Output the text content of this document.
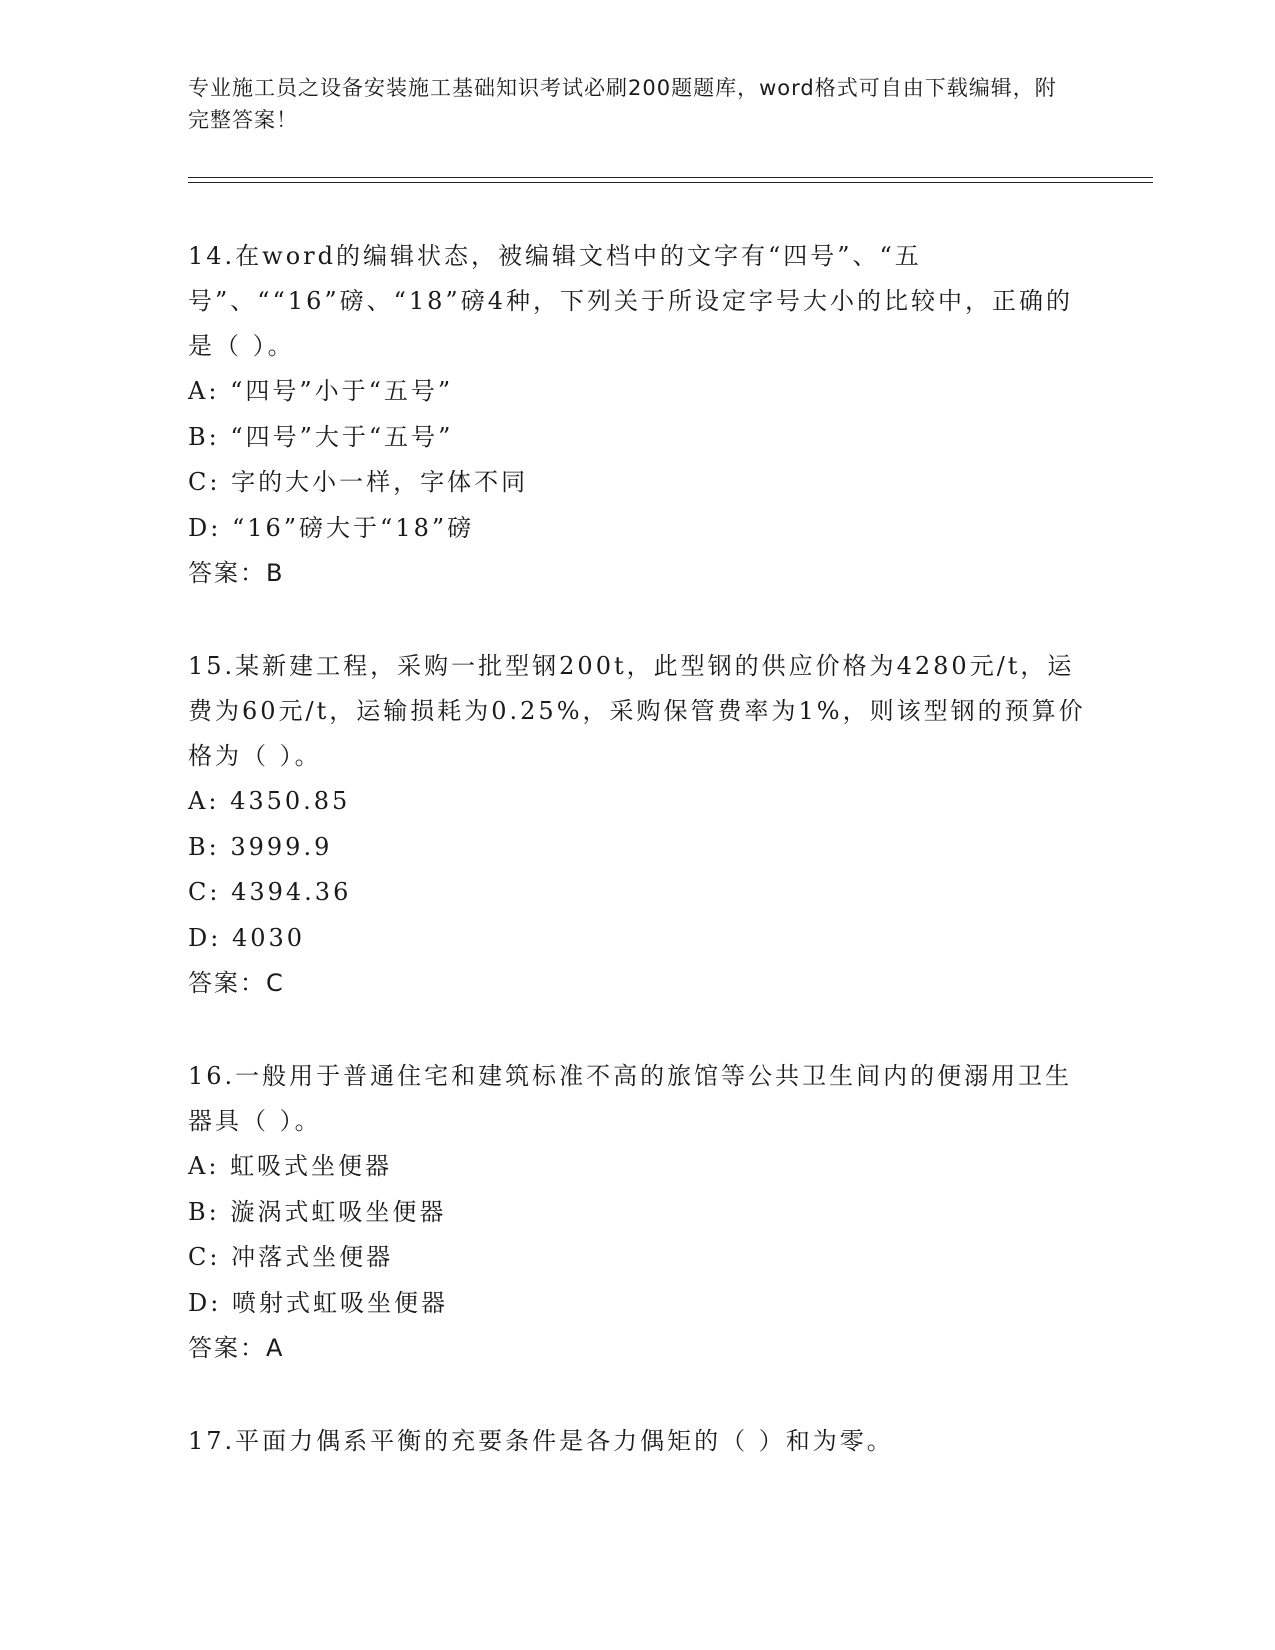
专业施工员之设备安装施工基础知识考试必刷200题题库，word格式可自由下载编辑，附完整答案！

14.在word的编辑状态，被编辑文档中的文字有“四号”、“五号”、““16”磅、“18”磅4种，下列关于所设定字号大小的比较中，正确的是（ ）。

A: “四号”小于“五号”

B: “四号”大于“五号”

C: 字的大小一样，字体不同

D: “16”磅大于“18”磅

答案：B

15.某新建工程，采购一批型钢200t，此型钢的供应价格为4280元/t，运费为60元/t，运输损耗为0.25%，采购保管费率为1%，则该型钢的预算价格为（ ）。

A: 4350.85

B: 3999.9

C: 4394.36

D: 4030

答案：C

16.一般用于普通住宅和建筑标准不高的旅馆等公共卫生间内的便溺用卫生器具（ ）。

A: 虹吸式坐便器

B: 漩涡式虹吸坐便器

C: 冲落式坐便器

D: 喷射式虹吸坐便器

答案：A

17.平面力偶系平衡的充要条件是各力偶矩的（ ）和为零。
